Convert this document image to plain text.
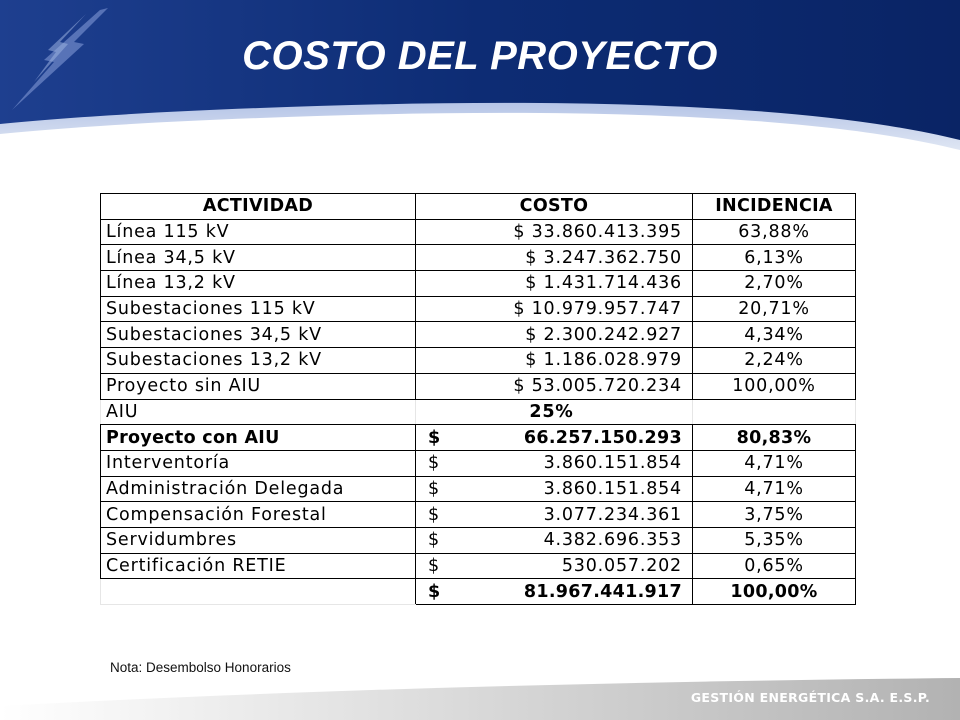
COSTO DEL PROYECTO
ACTIVIDAD	COSTO	INCIDENCIA
Línea 115 kV	$ 33.860.413.395	63,88%
Línea 34,5 kV	$ 3.247.362.750	6,13%
Línea 13,2 kV	$ 1.431.714.436	2,70%
Subestaciones 115 kV	$ 10.979.957.747	20,71%
Subestaciones 34,5 kV	$ 2.300.242.927	4,34%
Subestaciones 13,2 kV	$ 1.186.028.979	2,24%
Proyecto sin AIU	$ 53.005.720.234	100,00%
AIU	25%	
Proyecto con AIU	$ 66.257.150.293	80,83%
Interventoría	$ 3.860.151.854	4,71%
Administración Delegada	$ 3.860.151.854	4,71%
Compensación Forestal	$ 3.077.234.361	3,75%
Servidumbres	$ 4.382.696.353	5,35%
Certificación RETIE	$ 530.057.202	0,65%

	$ 81.967.441.917	100,00%
Nota: Desembolso Honorarios
GESTIÓN ENERGÉTICA S.A. E.S.P.
